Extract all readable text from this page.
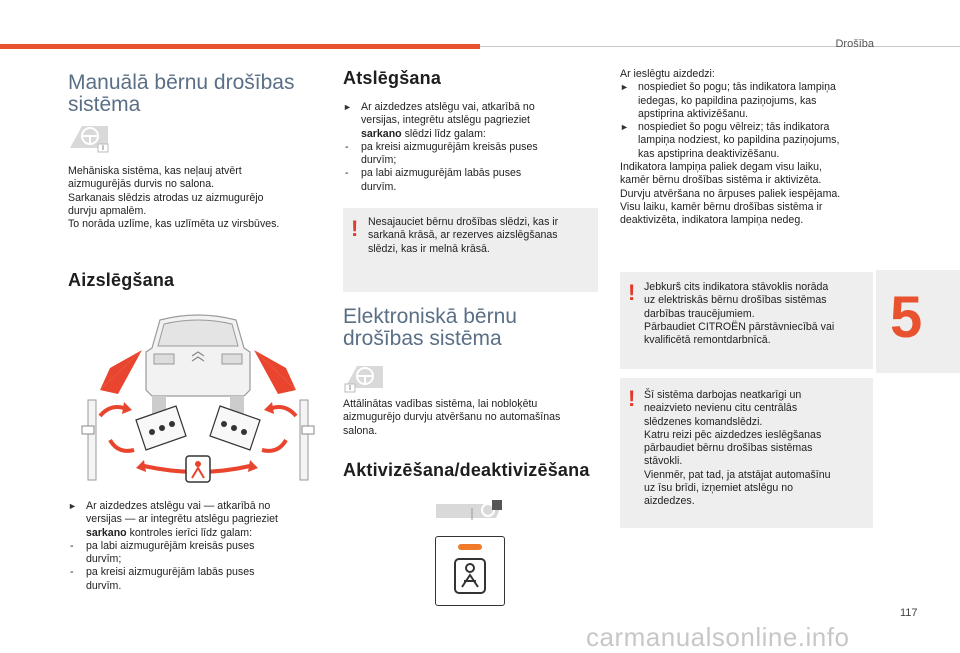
Drošība
Manuālā bērnu drošības sistēma

Mehāniska sistēma, kas neļauj atvērt

aizmugurējās durvis no salona.

Sarkanais slēdzis atrodas uz aizmugurējo

durvju apmalēm.

To norāda uzlīme, kas uzlīmēta uz virsbūves.

Aizslēgšana

► Ar aizdedzes atslēgu vai — atkarībā no

versijas — ar integrētu atslēgu pagrieziet

sarkano kontroles ierīci līdz galam:

- pa labi aizmugurējām kreisās puses

durvīm;

- pa kreisi aizmugurējām labās puses

durvīm.

Atslēgšana

► Ar aizdedzes atslēgu vai, atkarībā no

versijas, integrētu atslēgu pagrieziet

sarkano slēdzi līdz galam:

- pa kreisi aizmugurējām kreisās puses

durvīm;

- pa labi aizmugurējām labās puses

durvīm.

! Nesajauciet bērnu drošības slēdzi, kas ir

sarkanā krāsā, ar rezerves aizslēgšanas

slēdzi, kas ir melnā krāsā.

Elektroniskā bērnu drošības sistēma

Attālinātas vadības sistēma, lai nobloķētu

aizmugurējo durvju atvēršanu no automašīnas

salona.

Aktivizēšana/deaktivizēšana

Ar ieslēgtu aizdedzi:

► nospiediet šo pogu; tās indikatora lampiņa

iedegas, ko papildina paziņojums, kas

apstiprina aktivizēšanu.

► nospiediet šo pogu vēlreiz; tās indikatora

lampiņa nodziest, ko papildina paziņojums,

kas apstiprina deaktivizēšanu.

Indikatora lampiņa paliek degam visu laiku,

kamēr bērnu drošības sistēma ir aktivizēta.

Durvju atvēršana no ārpuses paliek iespējama.

Visu laiku, kamēr bērnu drošības sistēma ir

deaktivizēta, indikatora lampiņa nedeg.

! Jebkurš cits indikatora stāvoklis norāda

uz elektriskās bērnu drošības sistēmas

darbības traucējumiem.

Pārbaudiet CITROËN pārstāvniecībā vai

kvalificētā remontdarbnīcā.

! Šī sistēma darbojas neatkarīgi un

neaizvieto nevienu citu centrālās

slēdzenes komandslēdzi.

Katru reizi pēc aizdedzes ieslēgšanas

pārbaudiet bērnu drošības sistēmas

stāvokli.

Vienmēr, pat tad, ja atstājat automašīnu

uz īsu brīdi, izņemiet atslēgu no

aizdedzes.

5
117
carmanualsonline.info
